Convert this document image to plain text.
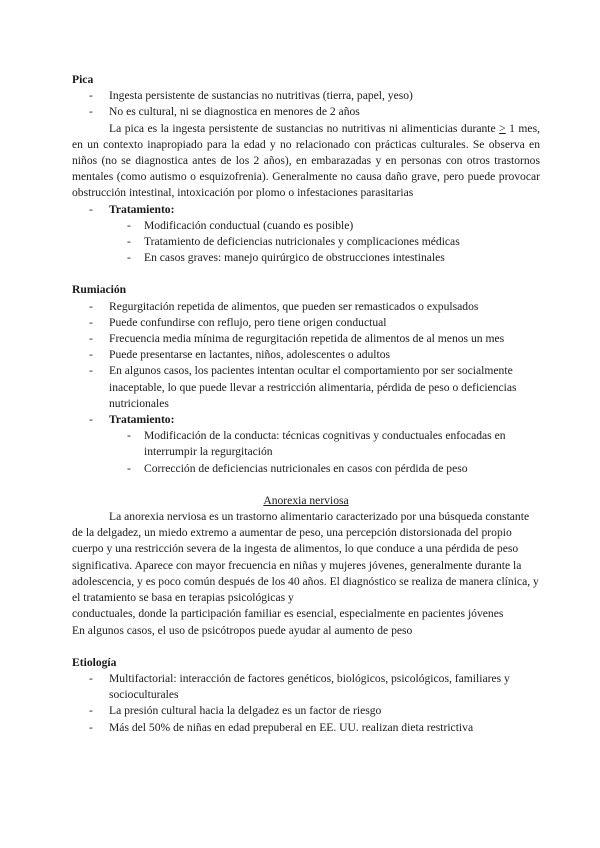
Pica

- Ingesta persistente de sustancias no nutritivas (tierra, papel, yeso)
- No es cultural, ni se diagnostica en menores de 2 años

La pica es la ingesta persistente de sustancias no nutritivas ni alimenticias durante ≥ 1 mes, en un contexto inapropiado para la edad y no relacionado con prácticas culturales. Se observa en niños (no se diagnostica antes de los 2 años), en embarazadas y en personas con otros trastornos mentales (como autismo o esquizofrenia). Generalmente no causa daño grave, pero puede provocar obstrucción intestinal, intoxicación por plomo o infestaciones parasitarias

- Tratamiento:
- Modificación conductual (cuando es posible)
- Tratamiento de deficiencias nutricionales y complicaciones médicas
- En casos graves: manejo quirúrgico de obstrucciones intestinales

Rumiación

- Regurgitación repetida de alimentos, que pueden ser remasticados o expulsados
- Puede confundirse con reflujo, pero tiene origen conductual
- Frecuencia media mínima de regurgitación repetida de alimentos de al menos un mes
- Puede presentarse en lactantes, niños, adolescentes o adultos
- En algunos casos, los pacientes intentan ocultar el comportamiento por ser socialmente inaceptable, lo que puede llevar a restricción alimentaria, pérdida de peso o deficiencias nutricionales
- Tratamiento:
- Modificación de la conducta: técnicas cognitivas y conductuales enfocadas en interrumpir la regurgitación
- Corrección de deficiencias nutricionales en casos con pérdida de peso

Anorexia nerviosa

La anorexia nerviosa es un trastorno alimentario caracterizado por una búsqueda constante de la delgadez, un miedo extremo a aumentar de peso, una percepción distorsionada del propio cuerpo y una restricción severa de la ingesta de alimentos, lo que conduce a una pérdida de peso significativa. Aparece con mayor frecuencia en niñas y mujeres jóvenes, generalmente durante la adolescencia, y es poco común después de los 40 años. El diagnóstico se realiza de manera clínica, y el tratamiento se basa en terapias psicológicas y

conductuales, donde la participación familiar es esencial, especialmente en pacientes jóvenes

En algunos casos, el uso de psicótropos puede ayudar al aumento de peso

Etiología

- Multifactorial: interacción de factores genéticos, biológicos, psicológicos, familiares y socioculturales
- La presión cultural hacia la delgadez es un factor de riesgo
- Más del 50% de niñas en edad prepuberal en EE. UU. realizan dieta restrictiva
